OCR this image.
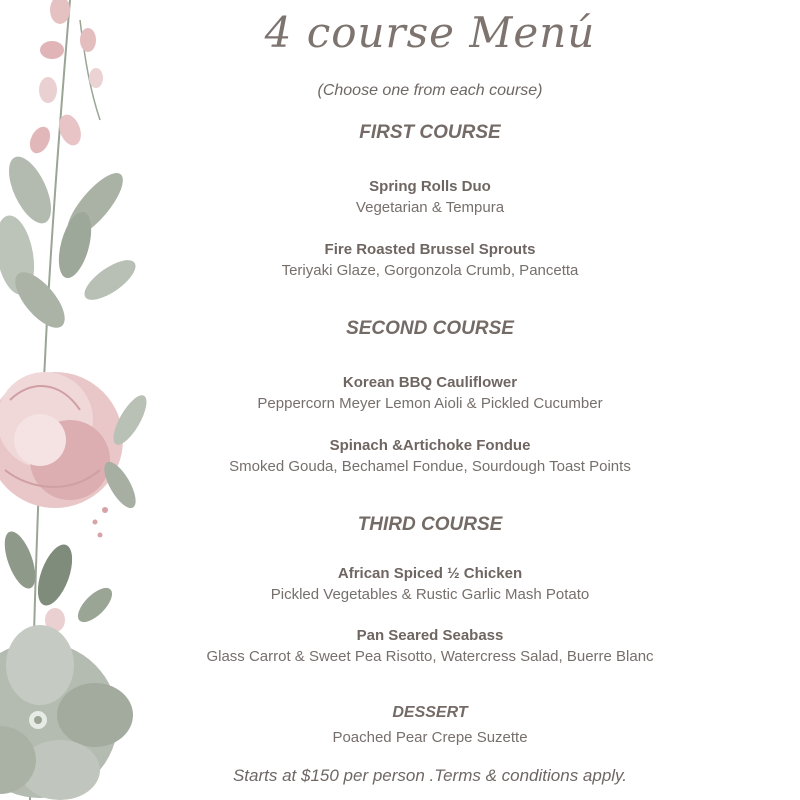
4 course Menú
(Choose one from each course)
FIRST COURSE
Spring Rolls Duo
Vegetarian & Tempura
Fire Roasted Brussel Sprouts
Teriyaki Glaze, Gorgonzola Crumb, Pancetta
SECOND COURSE
Korean BBQ Cauliflower
Peppercorn Meyer Lemon Aioli & Pickled Cucumber
Spinach &Artichoke Fondue
Smoked Gouda, Bechamel Fondue, Sourdough Toast Points
THIRD COURSE
African Spiced ½ Chicken
Pickled Vegetables & Rustic Garlic Mash Potato
Pan Seared Seabass
Glass Carrot & Sweet Pea Risotto, Watercress Salad, Buerre Blanc
DESSERT
Poached Pear Crepe Suzette
Starts at $150 per person .Terms & conditions apply.
